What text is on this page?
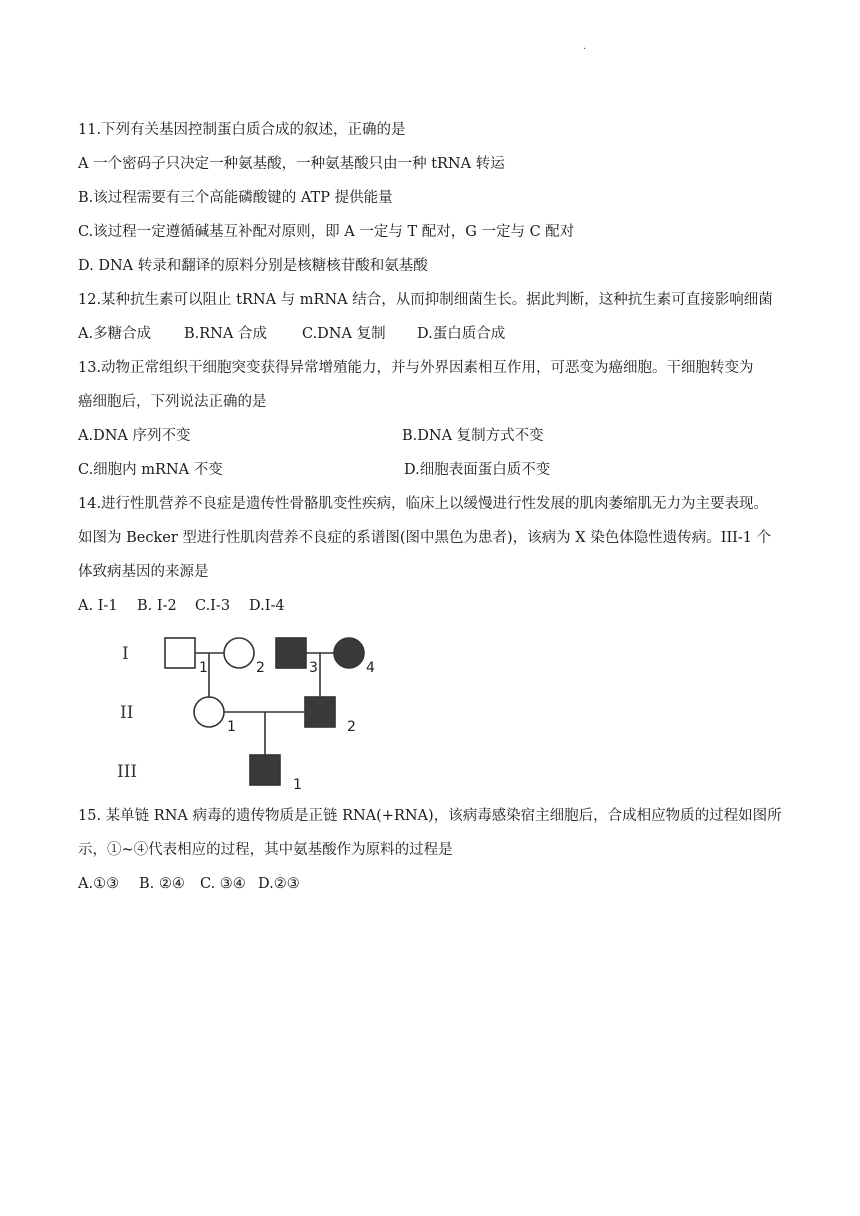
·
11.下列有关基因控制蛋白质合成的叙述，正确的是
A 一个密码子只决定一种氨基酸，一种氨基酸只由一种 tRNA 转运
B.该过程需要有三个高能磷酸键的 ATP 提供能量
C.该过程一定遵循碱基互补配对原则，即 A 一定与 T 配对，G 一定与 C 配对
D. DNA 转录和翻译的原料分别是核糖核苷酸和氨基酸
12.某种抗生素可以阻止 tRNA 与 mRNA 结合，从而抑制细菌生长。据此判断，这种抗生素可直接影响细菌
A.多糖合成 B.RNA 合成 C.DNA 复制 D.蛋白质合成
13.动物正常组织干细胞突变获得异常增殖能力，并与外界因素相互作用，可恶变为癌细胞。干细胞转变为
癌细胞后，下列说法正确的是
A.DNA 序列不变	B.DNA 复制方式不变
C.细胞内 mRNA 不变	D.细胞表面蛋白质不变
14.进行性肌营养不良症是遗传性骨骼肌变性疾病，临床上以缓慢进行性发展的肌肉萎缩肌无力为主要表现。
如图为 Becker 型进行性肌肉营养不良症的系谱图(图中黑色为患者)，该病为 X 染色体隐性遗传病。III-1 个
体致病基因的来源是
A. I-1 B. I-2 C.I-3 D.I-4
I
II
III
1	2	3	4
1	2
1
15. 某单链 RNA 病毒的遗传物质是正链 RNA(+RNA)，该病毒感染宿主细胞后，合成相应物质的过程如图所
示，①~④代表相应的过程，其中氨基酸作为原料的过程是
A.①③ B. ②④ C. ③④ D.②③
